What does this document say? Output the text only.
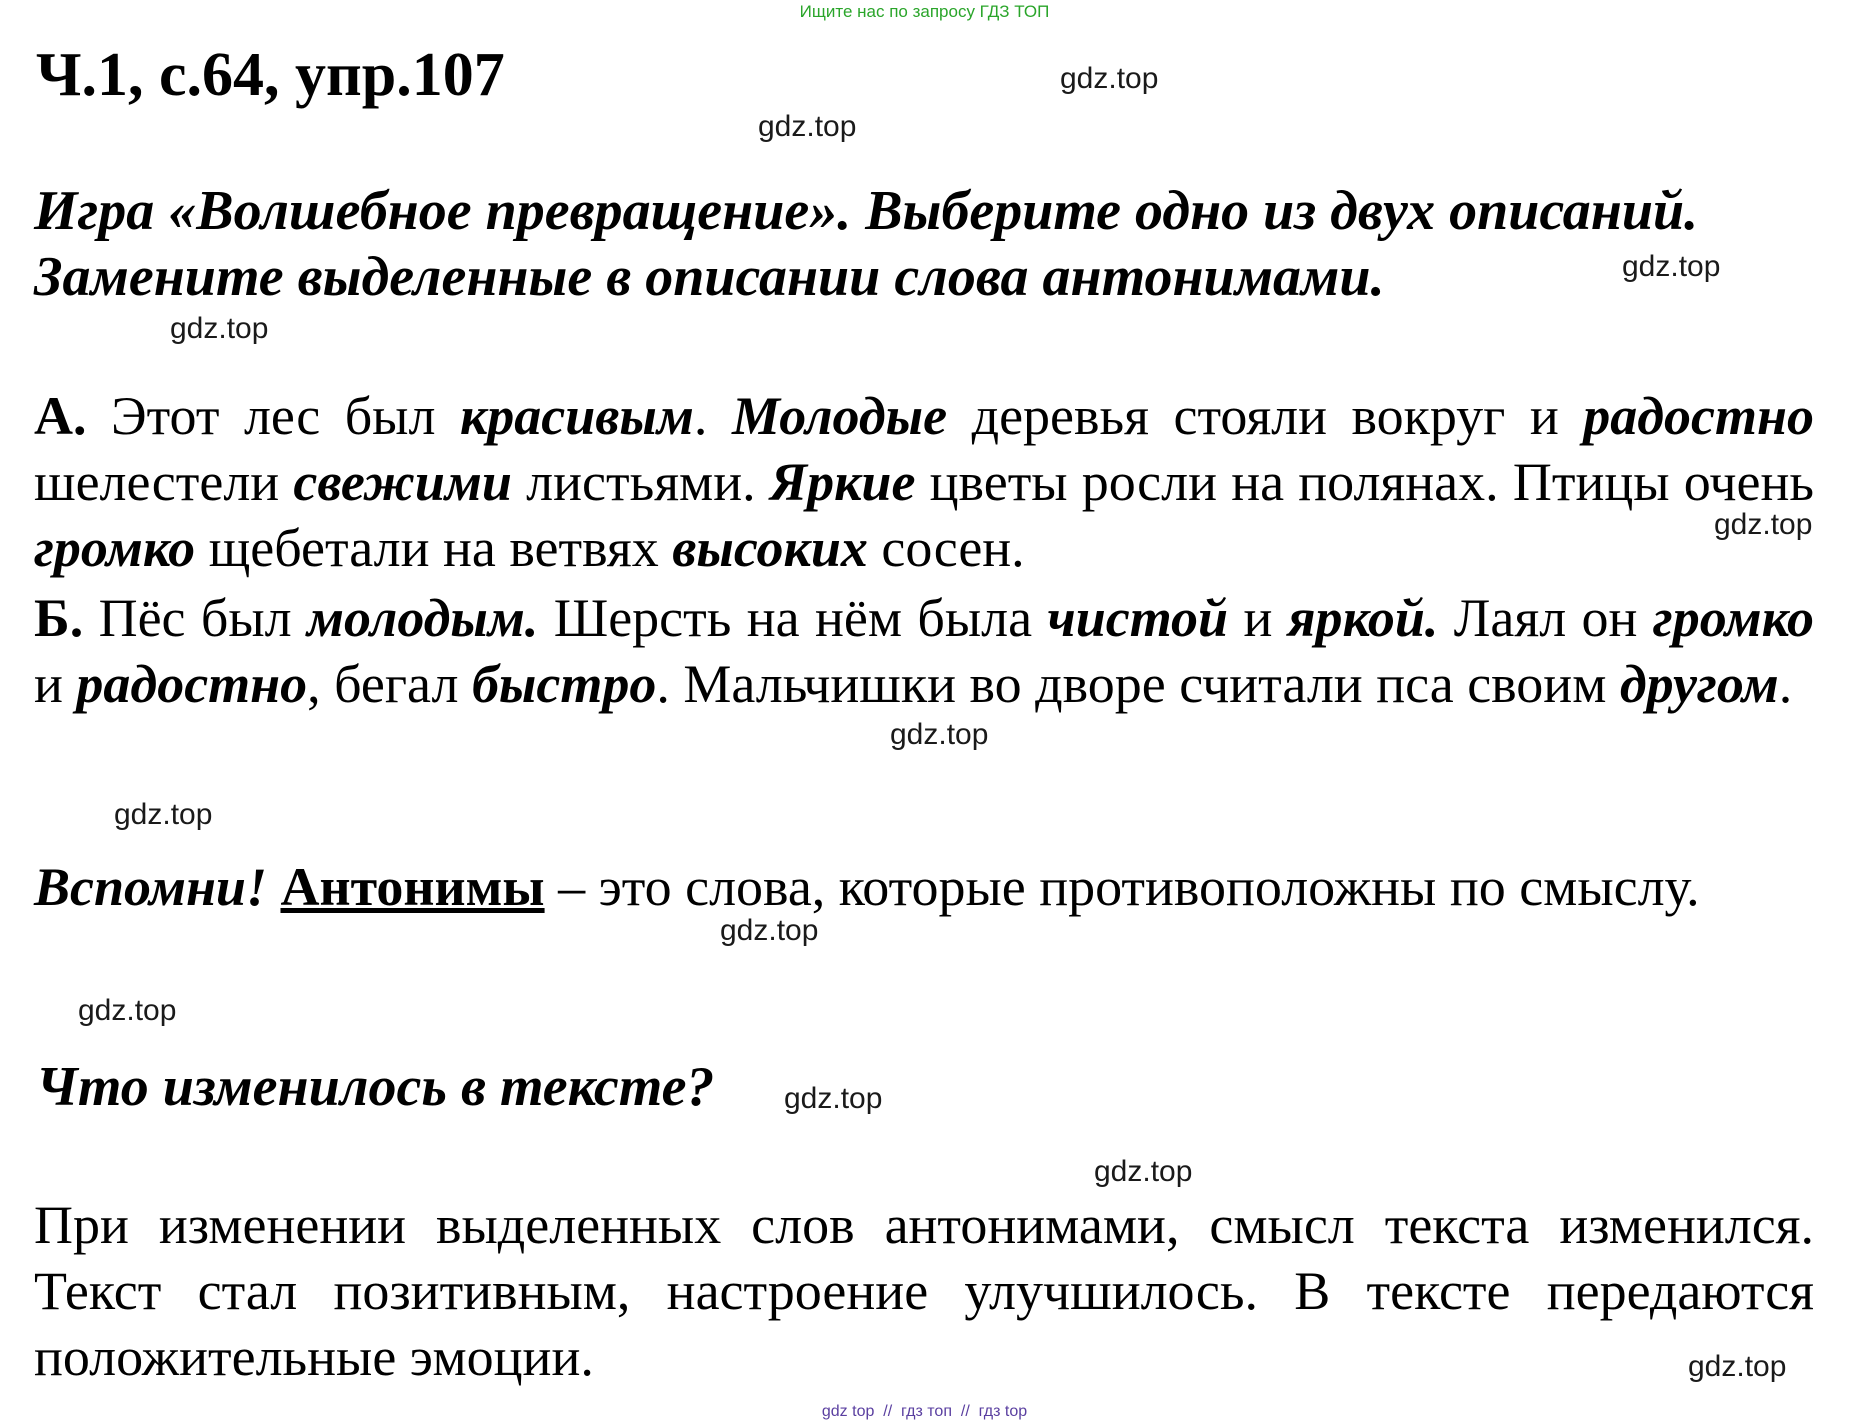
Ищите нас по запросу ГДЗ ТОП
Ч.1, с.64, упр.107
Игра «Волшебное превращение». Выберите одно из двух описаний.
Замените выделенные в описании слова антонимами.
А. Этот лес был красивым. Молодые деревья стояли вокруг и радостно шелестели свежими листьями. Яркие цветы росли на полянах. Птицы очень громко щебетали на ветвях высоких сосен.
Б. Пёс был молодым. Шерсть на нём была чистой и яркой. Лаял он громко и радостно, бегал быстро. Мальчишки во дворе считали пса своим другом.
Вспомни! Антонимы – это слова, которые противоположны по смыслу.
Что изменилось в тексте?
При изменении выделенных слов антонимами, смысл текста изменился. Текст стал позитивным, настроение улучшилось. В тексте передаются положительные эмоции.
gdz.top
gdz.top
gdz.top
gdz.top
gdz.top
gdz.top
gdz.top
gdz.top
gdz.top
gdz.top
gdz.top
gdz.top
gdz top  //  гдз топ  //  гдз top
